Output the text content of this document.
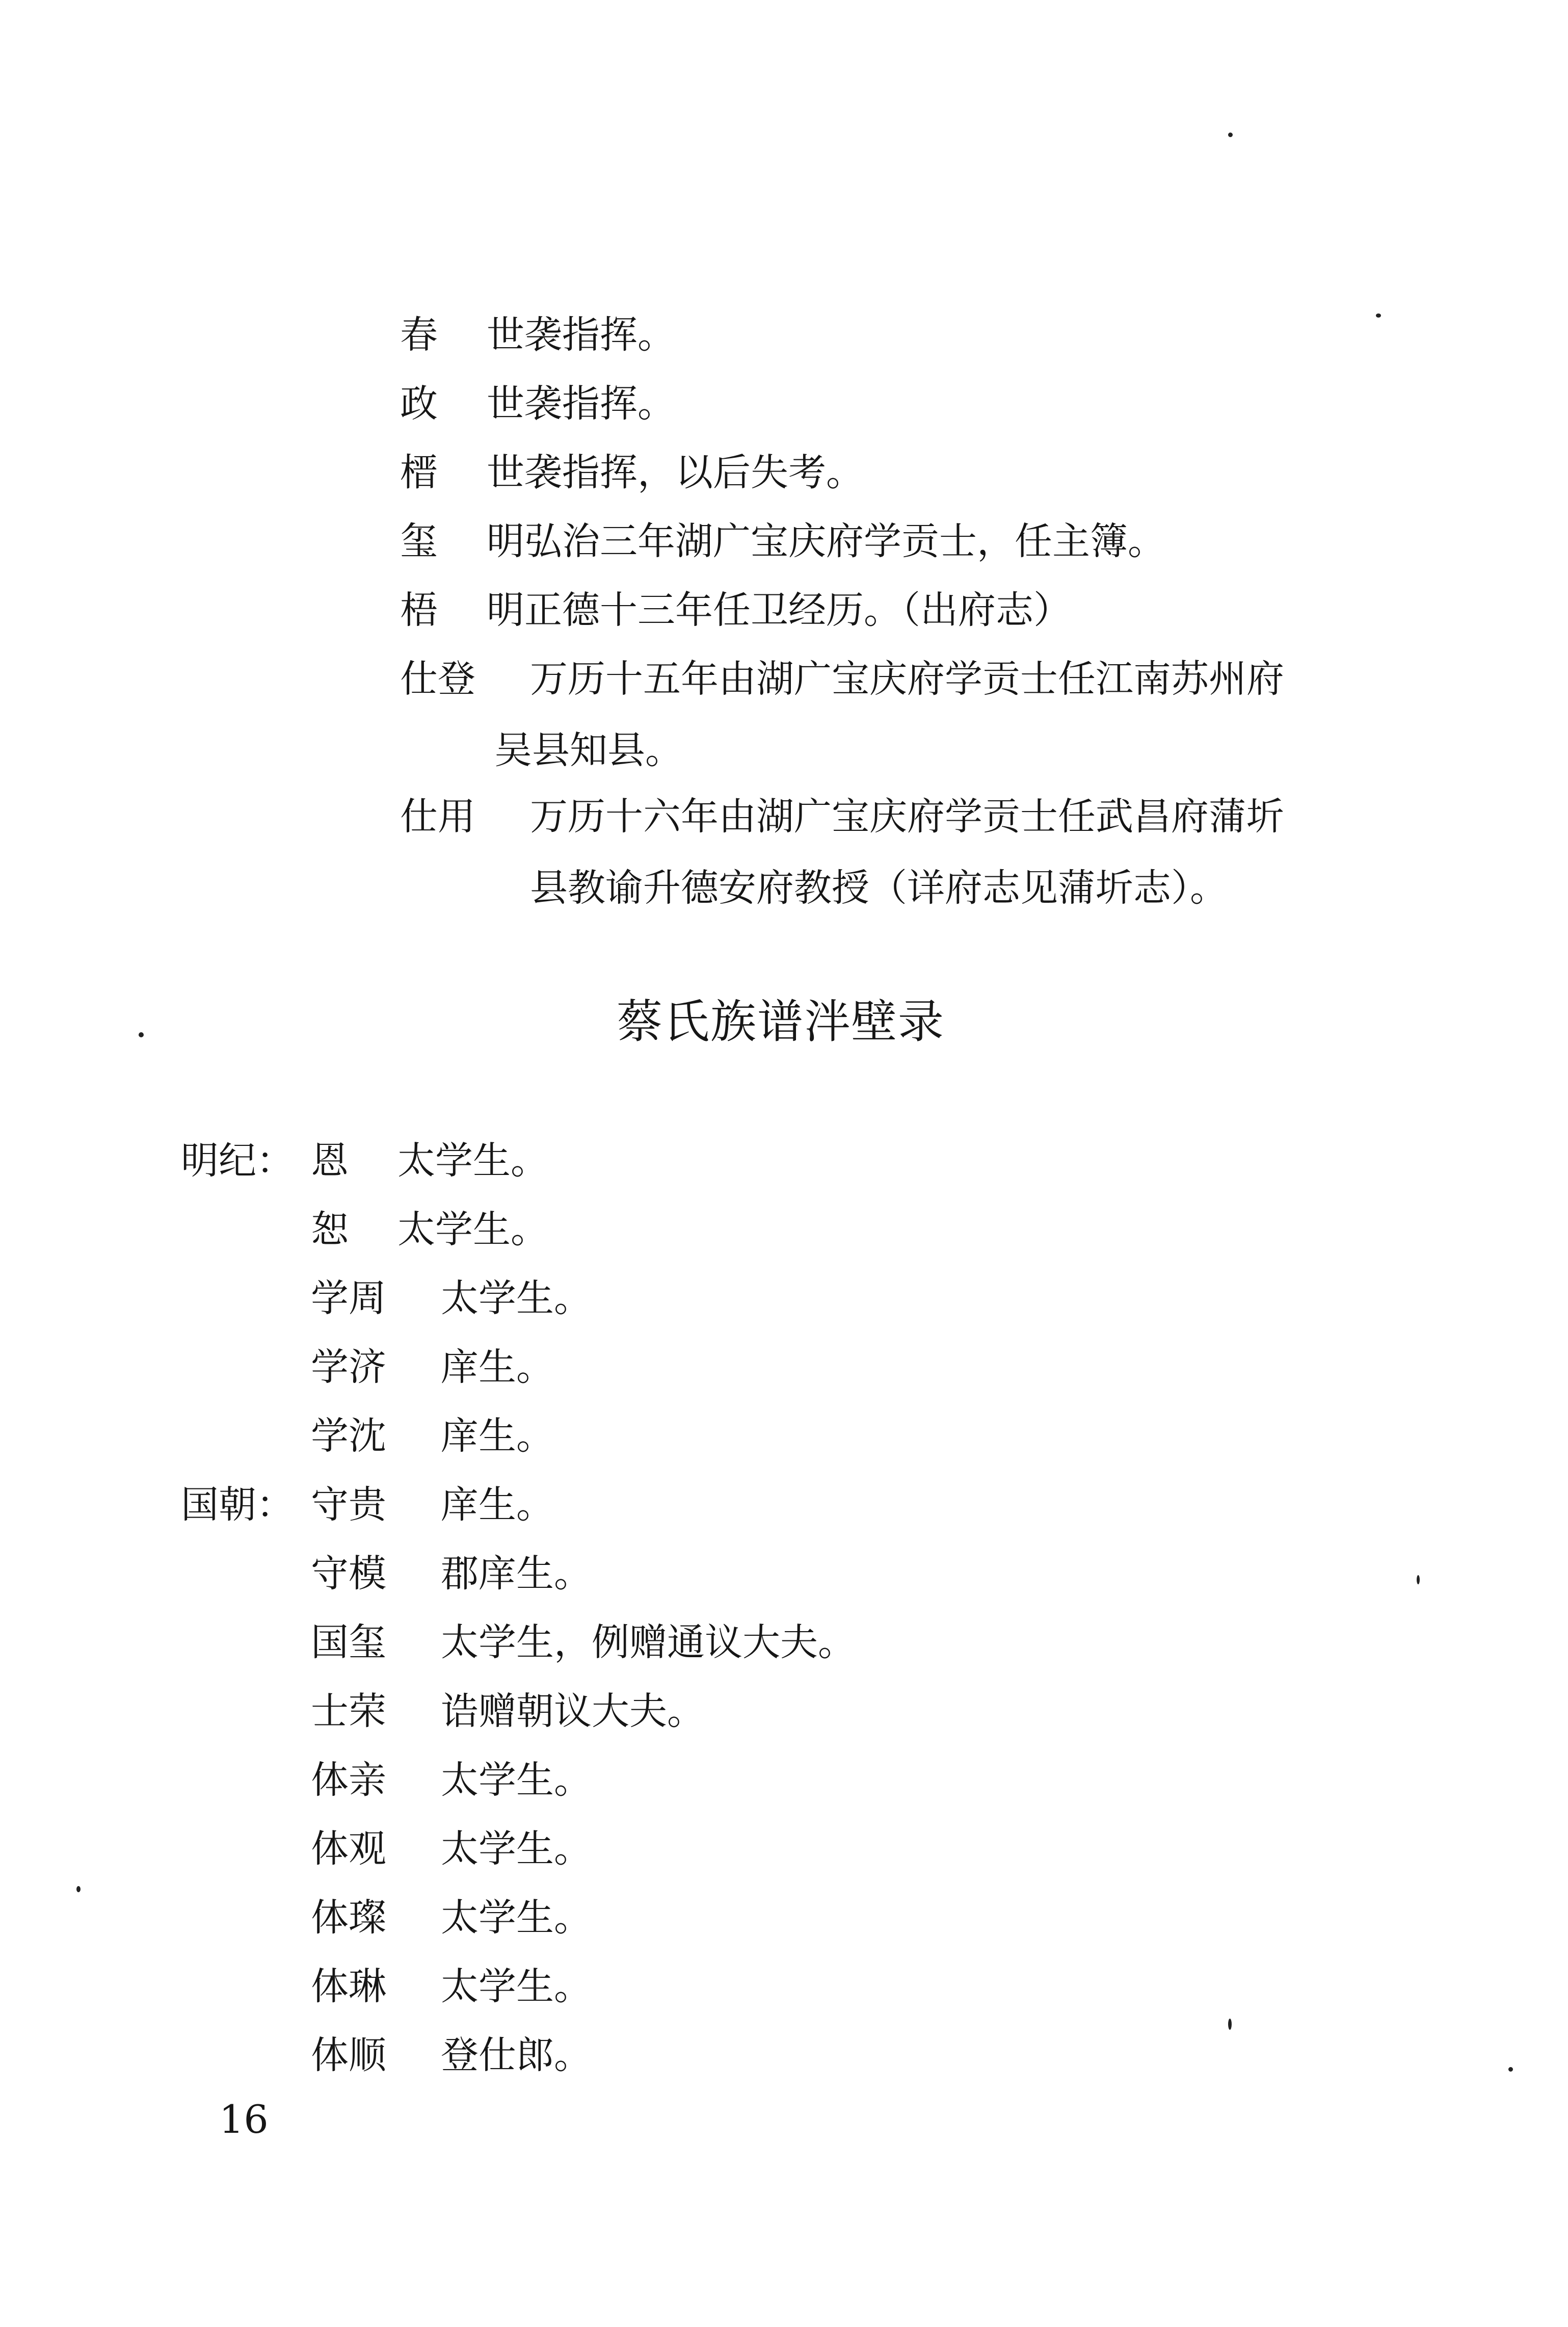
春 世袭指挥。
政 世袭指挥。
榗 世袭指挥，以后失考。
玺 明弘治三年湖广宝庆府学贡士，任主簿。
梧 明正德十三年任卫经历。（出府志）
仕登 万历十五年由湖广宝庆府学贡士任江南苏州府
吴县知县。
仕用 万历十六年由湖广宝庆府学贡士任武昌府蒲圻
县教谕升德安府教授（详府志见蒲圻志）。
蔡氏族谱泮壁录
明纪： 恩 太学生。
恕 太学生。
学周 太学生。
学济 庠生。
学沈 庠生。
国朝： 守贵 庠生。
守模 郡庠生。
国玺 太学生，例赠通议大夫。
士荣 诰赠朝议大夫。
体亲 太学生。
体观 太学生。
体璨 太学生。
体琳 太学生。
体顺 登仕郎。
16
